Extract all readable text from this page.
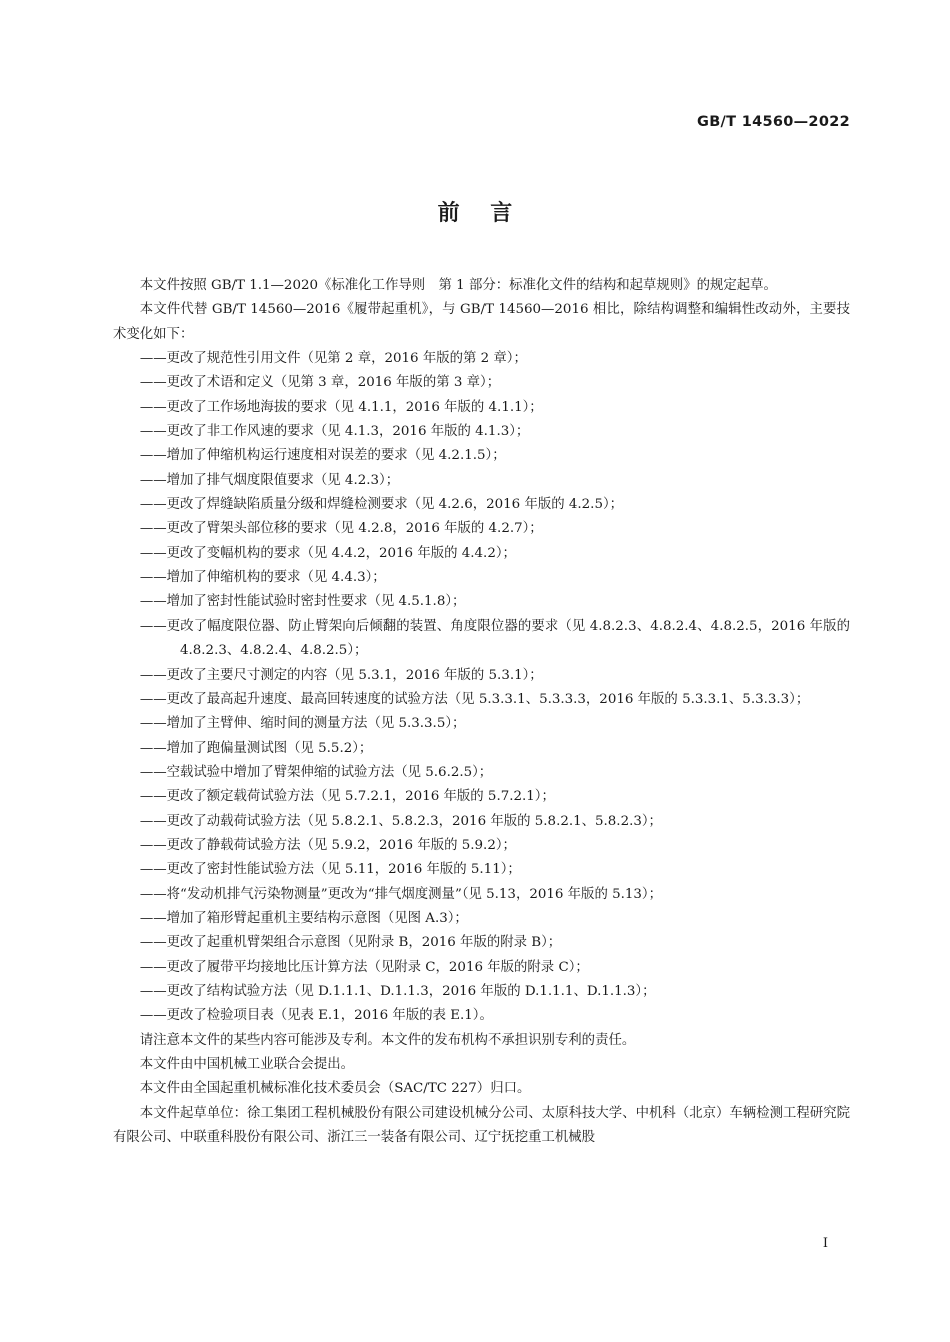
GB/T 14560—2022
前    言
本文件按照 GB/T 1.1—2020《标准化工作导则　第 1 部分：标准化文件的结构和起草规则》的规定起草。
本文件代替 GB/T 14560—2016《履带起重机》，与 GB/T 14560—2016 相比，除结构调整和编辑性改动外，主要技术变化如下：
——更改了规范性引用文件（见第 2 章，2016 年版的第 2 章）；
——更改了术语和定义（见第 3 章，2016 年版的第 3 章）；
——更改了工作场地海拔的要求（见 4.1.1，2016 年版的 4.1.1）；
——更改了非工作风速的要求（见 4.1.3，2016 年版的 4.1.3）；
——增加了伸缩机构运行速度相对误差的要求（见 4.2.1.5）；
——增加了排气烟度限值要求（见 4.2.3）；
——更改了焊缝缺陷质量分级和焊缝检测要求（见 4.2.6，2016 年版的 4.2.5）；
——更改了臂架头部位移的要求（见 4.2.8，2016 年版的 4.2.7）；
——更改了变幅机构的要求（见 4.4.2，2016 年版的 4.4.2）；
——增加了伸缩机构的要求（见 4.4.3）；
——增加了密封性能试验时密封性要求（见 4.5.1.8）；
——更改了幅度限位器、防止臂架向后倾翻的装置、角度限位器的要求（见 4.8.2.3、4.8.2.4、4.8.2.5，2016 年版的 4.8.2.3、4.8.2.4、4.8.2.5）；
——更改了主要尺寸测定的内容（见 5.3.1，2016 年版的 5.3.1）；
——更改了最高起升速度、最高回转速度的试验方法（见 5.3.3.1、5.3.3.3，2016 年版的 5.3.3.1、5.3.3.3）；
——增加了主臂伸、缩时间的测量方法（见 5.3.3.5）；
——增加了跑偏量测试图（见 5.5.2）；
——空载试验中增加了臂架伸缩的试验方法（见 5.6.2.5）；
——更改了额定载荷试验方法（见 5.7.2.1，2016 年版的 5.7.2.1）；
——更改了动载荷试验方法（见 5.8.2.1、5.8.2.3，2016 年版的 5.8.2.1、5.8.2.3）；
——更改了静载荷试验方法（见 5.9.2，2016 年版的 5.9.2）；
——更改了密封性能试验方法（见 5.11，2016 年版的 5.11）；
——将“发动机排气污染物测量”更改为“排气烟度测量”（见 5.13，2016 年版的 5.13）；
——增加了箱形臂起重机主要结构示意图（见图 A.3）；
——更改了起重机臂架组合示意图（见附录 B，2016 年版的附录 B）；
——更改了履带平均接地比压计算方法（见附录 C，2016 年版的附录 C）；
——更改了结构试验方法（见 D.1.1.1、D.1.1.3，2016 年版的 D.1.1.1、D.1.1.3）；
——更改了检验项目表（见表 E.1，2016 年版的表 E.1）。
请注意本文件的某些内容可能涉及专利。本文件的发布机构不承担识别专利的责任。
本文件由中国机械工业联合会提出。
本文件由全国起重机械标准化技术委员会（SAC/TC 227）归口。
本文件起草单位：徐工集团工程机械股份有限公司建设机械分公司、太原科技大学、中机科（北京）车辆检测工程研究院有限公司、中联重科股份有限公司、浙江三一装备有限公司、辽宁抚挖重工机械股
Ⅰ
